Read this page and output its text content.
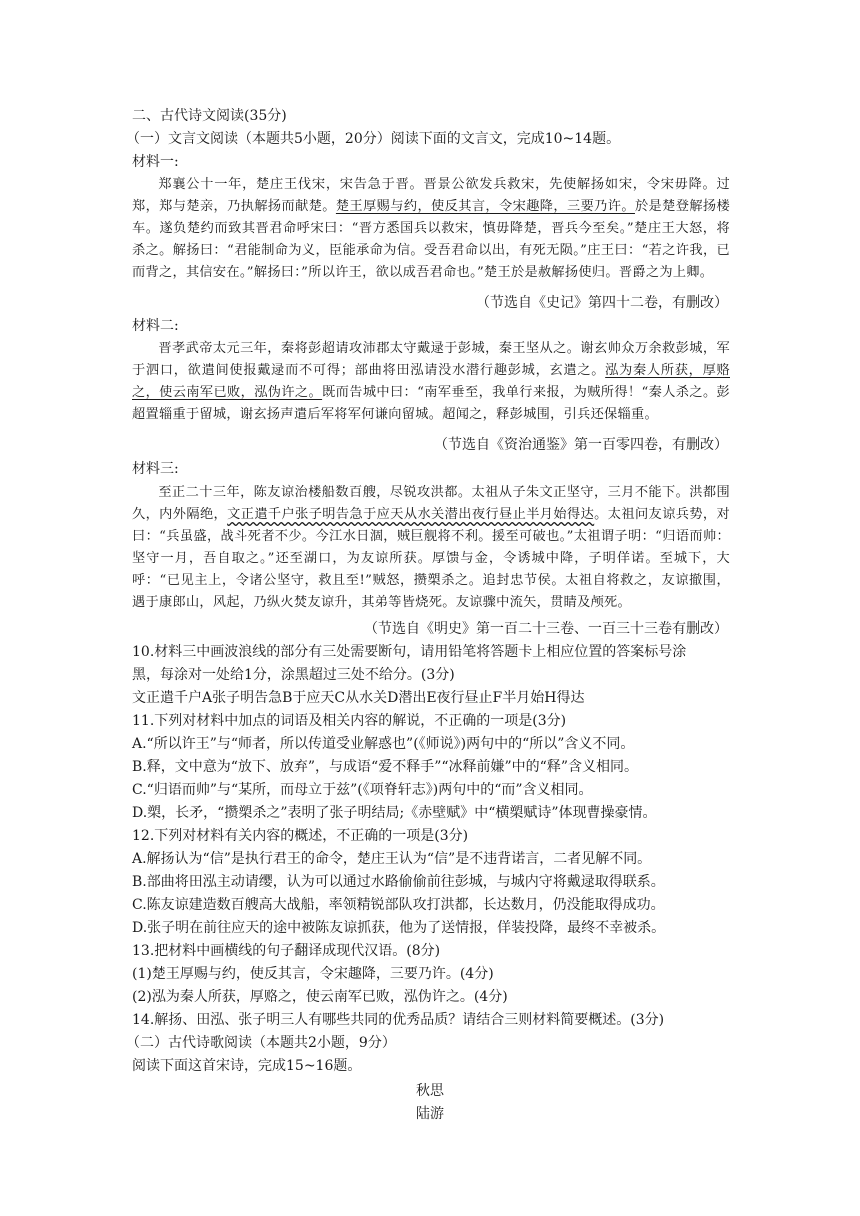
二、古代诗文阅读(35分)
（一）文言文阅读（本题共5小题，20分）阅读下面的文言文，完成10~14题。
材料一:

郑襄公十一年，楚庄王伐宋，宋告急于晋。晋景公欲发兵救宋，先使解扬如宋，令宋毋降。过郑，郑与楚亲，乃执解扬而献楚。楚王厚赐与约，使反其言，令宋趣降，三要乃许。於是楚登解扬楼车。遂负楚约而致其晋君命呼宋曰：“晋方悉国兵以救宋，慎毋降楚，晋兵今至矣。”楚庄王大怒，将杀之。解扬曰：“君能制命为义，臣能承命为信。受吾君命以出，有死无陨。”庄王曰：“若之许我，已而背之，其信安在。”解扬曰：”所以许王，欲以成吾君命也。”楚王於是赦解扬使归。晋爵之为上卿。

（节选自《史记》第四十二卷，有删改）
材料二:

晋孝武帝太元三年，秦将彭超请攻沛郡太守戴逯于彭城，秦王坚从之。谢玄帅众万余救彭城，军于泗口，欲遣间使报戴逯而不可得；部曲将田泓请没水潜行趣彭城，玄遣之。泓为秦人所获，厚赂之，使云南军已败，泓伪许之。既而告城中曰：“南军垂至，我单行来报，为贼所得！“秦人杀之。彭超置辎重于留城，谢玄扬声遣后军将军何谦向留城。超闻之，释彭城围，引兵还保辎重。

（节选自《资治通鉴》第一百零四卷，有删改）
材料三:

至正二十三年，陈友谅治楼船数百艘，尽锐攻洪都。太祖从子朱文正坚守，三月不能下。洪都围久，内外隔绝，文正遣千户张子明告急于应天从水关潜出夜行昼止半月始得达。太祖问友谅兵势，对曰：“兵虽盛，战斗死者不少。今江水日涸，贼巨舰将不利。援至可破也。”太祖谓子明：“归语而帅：坚守一月，吾自取之。”还至湖口，为友谅所获。厚馈与金，令诱城中降，子明佯诺。至城下，大呼：“已见主上，令诸公坚守，救且至!”贼怒，攒槊杀之。追封忠节侯。太祖自将救之，友谅撤围，遇于康郎山，风起，乃纵火焚友谅升，其弟等皆烧死。友谅骤中流矢，贯睛及颅死。

（节选自《明史》第一百二十三卷、一百三十三卷有删改）
10.材料三中画波浪线的部分有三处需要断句，请用铅笔将答题卡上相应位置的答案标号涂
黑，每涂对一处给1分，涂黑超过三处不给分。(3分)
文正遣千户A张子明告急B于应天C从水关D潜出E夜行昼止F半月始H得达
11.下列对材料中加点的词语及相关内容的解说，不正确的一项是(3分)
A.“所以许王”与“师者，所以传道受业解惑也”(《师说》)两句中的“所以”含义不同。
B.释，文中意为“放下、放弃”，与成语“爱不释手”“冰释前嫌”中的“释”含义相同。
C.“归语而帅”与“某所，而母立于兹”(《项脊轩志》)两句中的“而”含义相同。
D.槊，长矛，“攒槊杀之”表明了张子明结局;《赤壁赋》中“横槊赋诗”体现曹操豪情。
12.下列对材料有关内容的概述，不正确的一项是(3分)
A.解扬认为“信”是执行君王的命令，楚庄王认为“信”是不违背诺言，二者见解不同。
B.部曲将田泓主动请缨，认为可以通过水路偷偷前往彭城，与城内守将戴逯取得联系。
C.陈友谅建造数百艘高大战船，率领精锐部队攻打洪都，长达数月，仍没能取得成功。
D.张子明在前往应天的途中被陈友谅抓获，他为了送情报，佯装投降，最终不幸被杀。
13.把材料中画横线的句子翻译成现代汉语。(8分)
(1)楚王厚赐与约，使反其言，令宋趣降，三要乃许。(4分)
(2)泓为秦人所获，厚赂之，使云南军已败，泓伪许之。(4分)
14.解扬、田泓、张子明三人有哪些共同的优秀品质？请结合三则材料简要概述。(3分)
（二）古代诗歌阅读（本题共2小题，9分）
阅读下面这首宋诗，完成15~16题。
秋思
陆游
